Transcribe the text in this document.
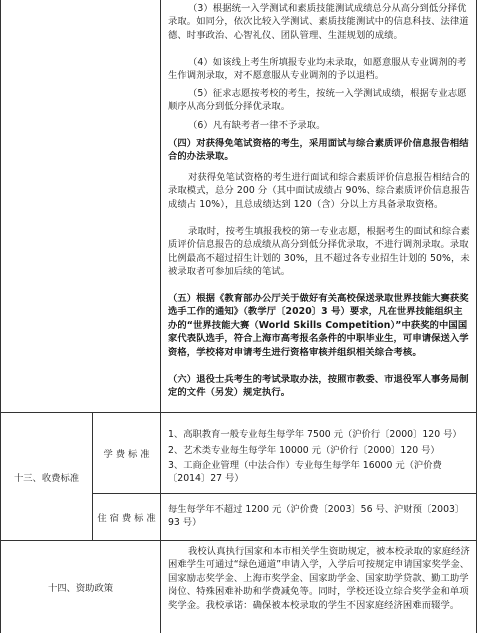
（3）根据统一入学测试和素质技能测试成绩总分从高分到低分择优录取。如同分，依次比较入学测试、素质技能测试中的信息科技、法律道德、时事政治、心智礼仪、团队管理、生涯规划的成绩。
（4）如该线上考生所填报专业均未录取，如愿意服从专业调剂的考生作调剂录取，对不愿意服从专业调剂的予以退档。
（5）征求志愿按考校的考生，按统一入学测试成绩，根据专业志愿顺序从高分到低分择优录取。
（6）凡有缺考者一律不予录取。
（四）对获得免笔试资格的考生，采用面试与综合素质评价信息报告相结合的办法录取。
对获得免笔试资格的考生进行面试和综合素质评价信息报告相结合的录取模式，总分 200 分（其中面试成绩占 90%、综合素质评价信息报告成绩占 10%），且总成绩达到 120（含）分以上方具备录取资格。
录取时，按考生填报我校的第一专业志愿，根据考生的面试和综合素质评价信息报告的总成绩从高分到低分择优录取，不进行调剂录取。录取比例最高不超过招生计划的 30%，且不超过各专业招生计划的 50%，未被录取者可参加后续的笔试。
（五）根据《教育部办公厅关于做好有关高校保送录取世界技能大赛获奖选手工作的通知》（教学厅〔2020〕3 号）要求，凡在世界技能组织主办的“世界技能大赛（World Skills Competition）”中获奖的中国国家代表队选手，符合上海市高考报名条件的中职毕业生，可申请保送入学资格，学校将对申请考生进行资格审核并组织相关综合考核。
（六）退役士兵考生的考试录取办法，按照市教委、市退役军人事务局制定的文件（另发）规定执行。
十三、收费标准
学 费 标 准
1、高职教育一般专业每生每学年 7500 元（沪价行〔2000〕120 号）
2、艺术类专业每生每学年 10000 元（沪价行〔2000〕120 号）
3、工商企业管理（中法合作）专业每生每学年 16000 元（沪价费〔2014〕27 号）
住 宿 费 标 准
每生每学年不超过 1200 元（沪价费〔2003〕56 号、沪财预〔2003〕93 号）
十四、资助政策
我校认真执行国家和本市相关学生资助规定，被本校录取的家庭经济困难学生可通过“绿色通道”申请入学，入学后可按规定申请国家奖学金、国家励志奖学金、上海市奖学金、国家助学金、国家助学贷款、勤工助学岗位、特殊困难补助和学费减免等。同时，学校还设立综合奖学金和单项奖学金。我校承诺：确保被本校录取的学生不因家庭经济困难而辍学。
